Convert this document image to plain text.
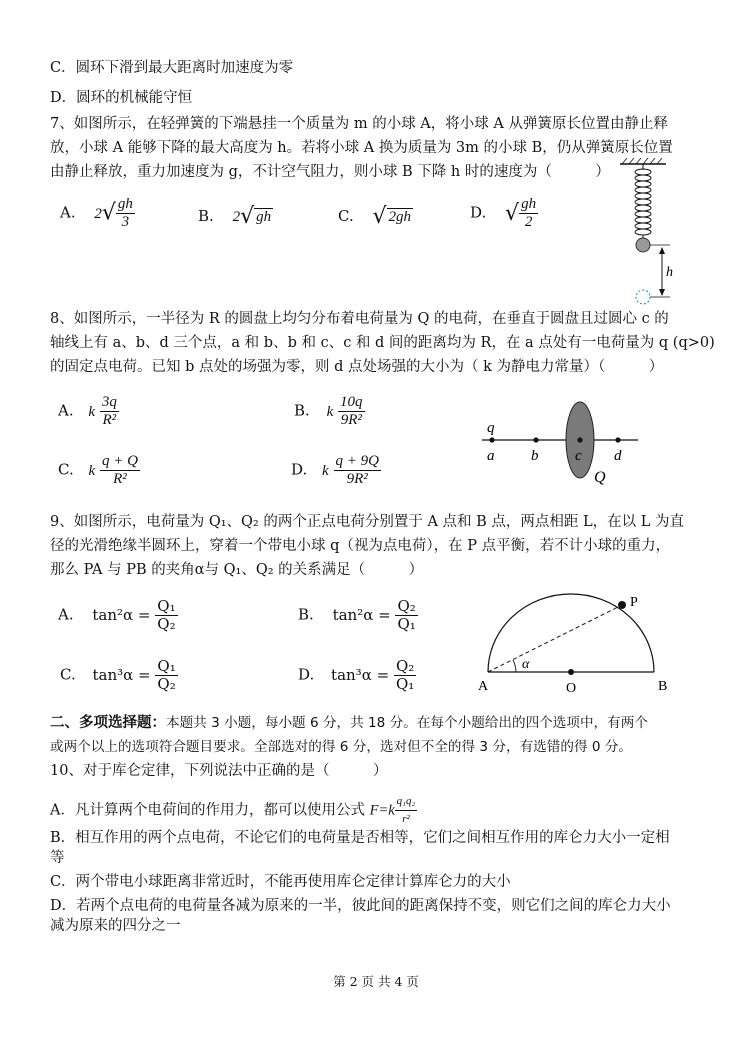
C．圆环下滑到最大距离时加速度为零
D．圆环的机械能守恒
7、如图所示，在轻弹簧的下端悬挂一个质量为 m 的小球 A，将小球 A 从弹簧原长位置由静止释
放，小球 A 能够下降的最大高度为 h。若将小球 A 换为质量为 3m 的小球 B，仍从弹簧原长位置
由静止释放，重力加速度为 g，不计空气阻力，则小球 B 下降 h 时的速度为（　　　）
A. $2√ \frac{gh}{3}$	B. 2√ gh	C. √ 2gh	D. √ $\frac{gh}{2}$
h
8、如图所示，一半径为 R 的圆盘上均匀分布着电荷量为 Q 的电荷，在垂直于圆盘且过圆心 c 的
轴线上有 a、b、d 三个点，a 和 b、b 和 c、c 和 d 间的距离均为 R，在 a 点处有一电荷量为 q (q>0)
的固定点电荷。已知 b 点处的场强为零，则 d 点处场强的大小为（ k 为静电力常量）（　　　）
A. k $\frac{3q}{\text{R²}}$	B. k $\frac{10q}{\text{9R²}}$
C. k $\frac{q + Q}{\text{R²}}$	D. k $\frac{q + 9Q}{\text{9R²}}$
q
a b c d
Q
9、如图所示，电荷量为 Q₁、Q₂ 的两个正点电荷分别置于 A 点和 B 点，两点相距 L，在以 L 为直
径的光滑绝缘半圆环上，穿着一个带电小球 q（视为点电荷），在 P 点平衡，若不计小球的重力，
那么 PA 与 PB 的夹角α与 Q₁、Q₂ 的关系满足（　　　）
A. $\tan^2\alpha = \frac{\text{Q₁}}{\text{Q₂}}$	B. $\tan^2\alpha = \frac{\text{Q₂}}{\text{Q₁}}$
C. $\tan^3\alpha = \frac{\text{Q₁}}{\text{Q₂}}$	D. $\tan^3\alpha = \frac{\text{Q₂}}{\text{Q₁}}$
P
A	O	B
α
二、多项选择题：本题共 3 小题，每小题 6 分，共 18 分。在每个小题给出的四个选项中，有两个
或两个以上的选项符合题目要求。全部选对的得 6 分，选对但不全的得 3 分，有选错的得 0 分。
10、对于库仑定律，下列说法中正确的是（　　　）
A．凡计算两个电荷间的作用力，都可以使用公式 $F=k \frac{\text{q₁q₂}}{\text{r²}}$
B．相互作用的两个点电荷，不论它们的电荷量是否相等，它们之间相互作用的库仑力大小一定相
等
C．两个带电小球距离非常近时，不能再使用库仑定律计算库仑力的大小
D．若两个点电荷的电荷量各减为原来的一半，彼此间的距离保持不变，则它们之间的库仑力大小
减为原来的四分之一
第 2 页 共 4 页
